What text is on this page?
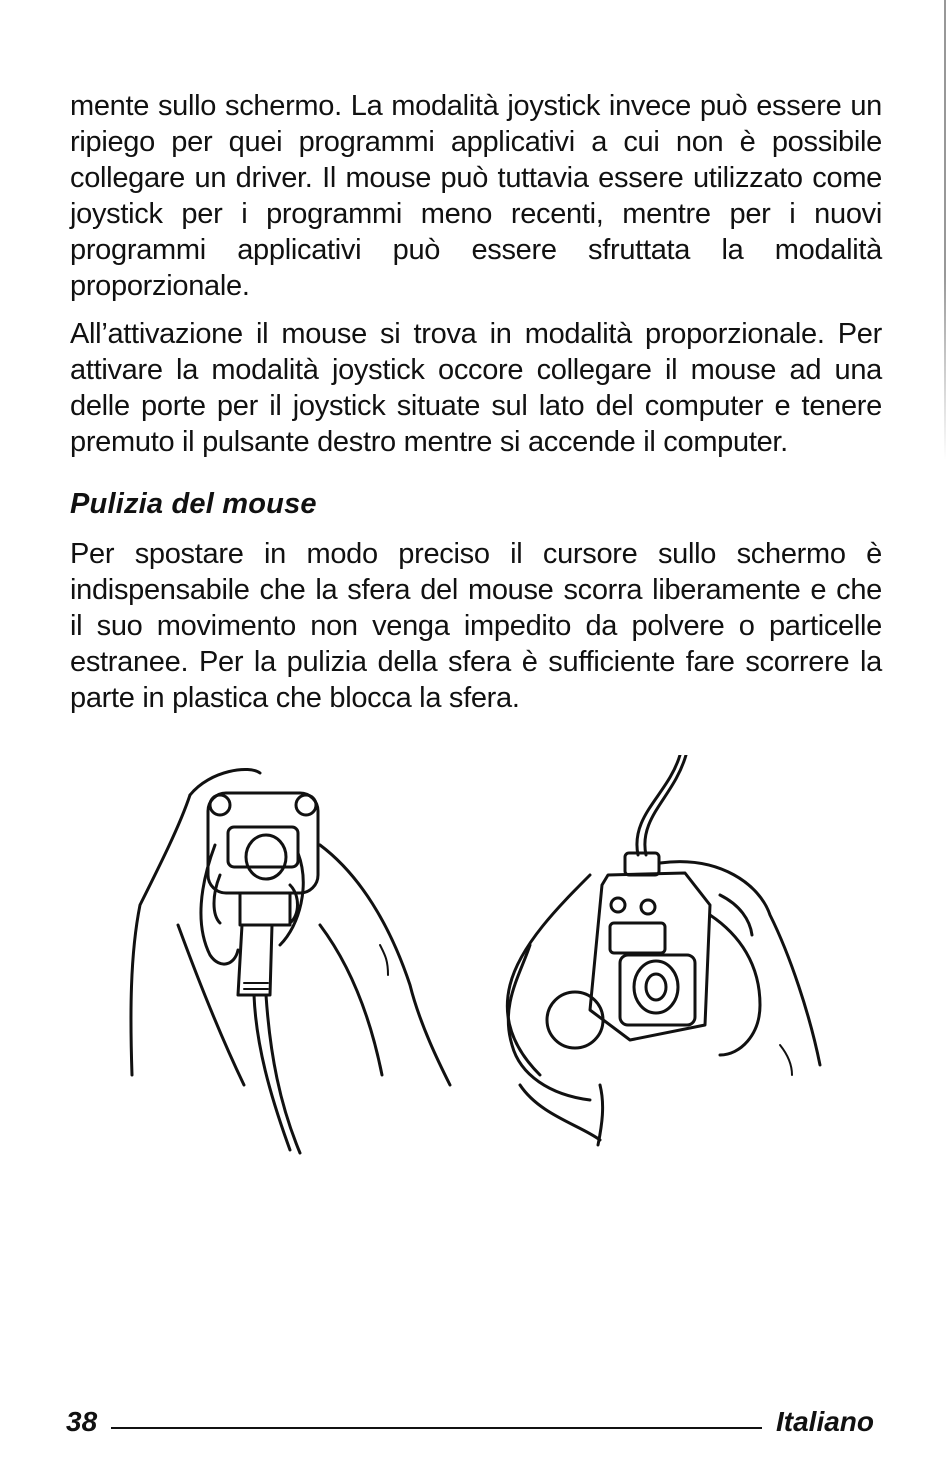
mente sullo schermo. La modalità joystick invece può essere un ripiego per quei programmi applicativi a cui non è possibile collegare un driver. Il mouse può tuttavia essere utilizzato come joystick per i programmi meno recenti, mentre per i nuovi programmi applicativi può essere sfruttata la modalità proporzionale.

All’attivazione il mouse si trova in modalità proporzionale. Per attivare la modalità joystick occore collegare il mouse ad una delle porte per il joystick situate sul lato del computer e tenere premuto il pulsante destro mentre si accende il computer.

Pulizia del mouse

Per spostare in modo preciso il cursore sullo schermo è indispensabile che la sfera del mouse scorra liberamente e che il suo movimento non venga impedito da polvere o particelle estranee. Per la pulizia della sfera è sufficiente fare scorrere la parte in plastica che blocca la sfera.

38	Italiano
